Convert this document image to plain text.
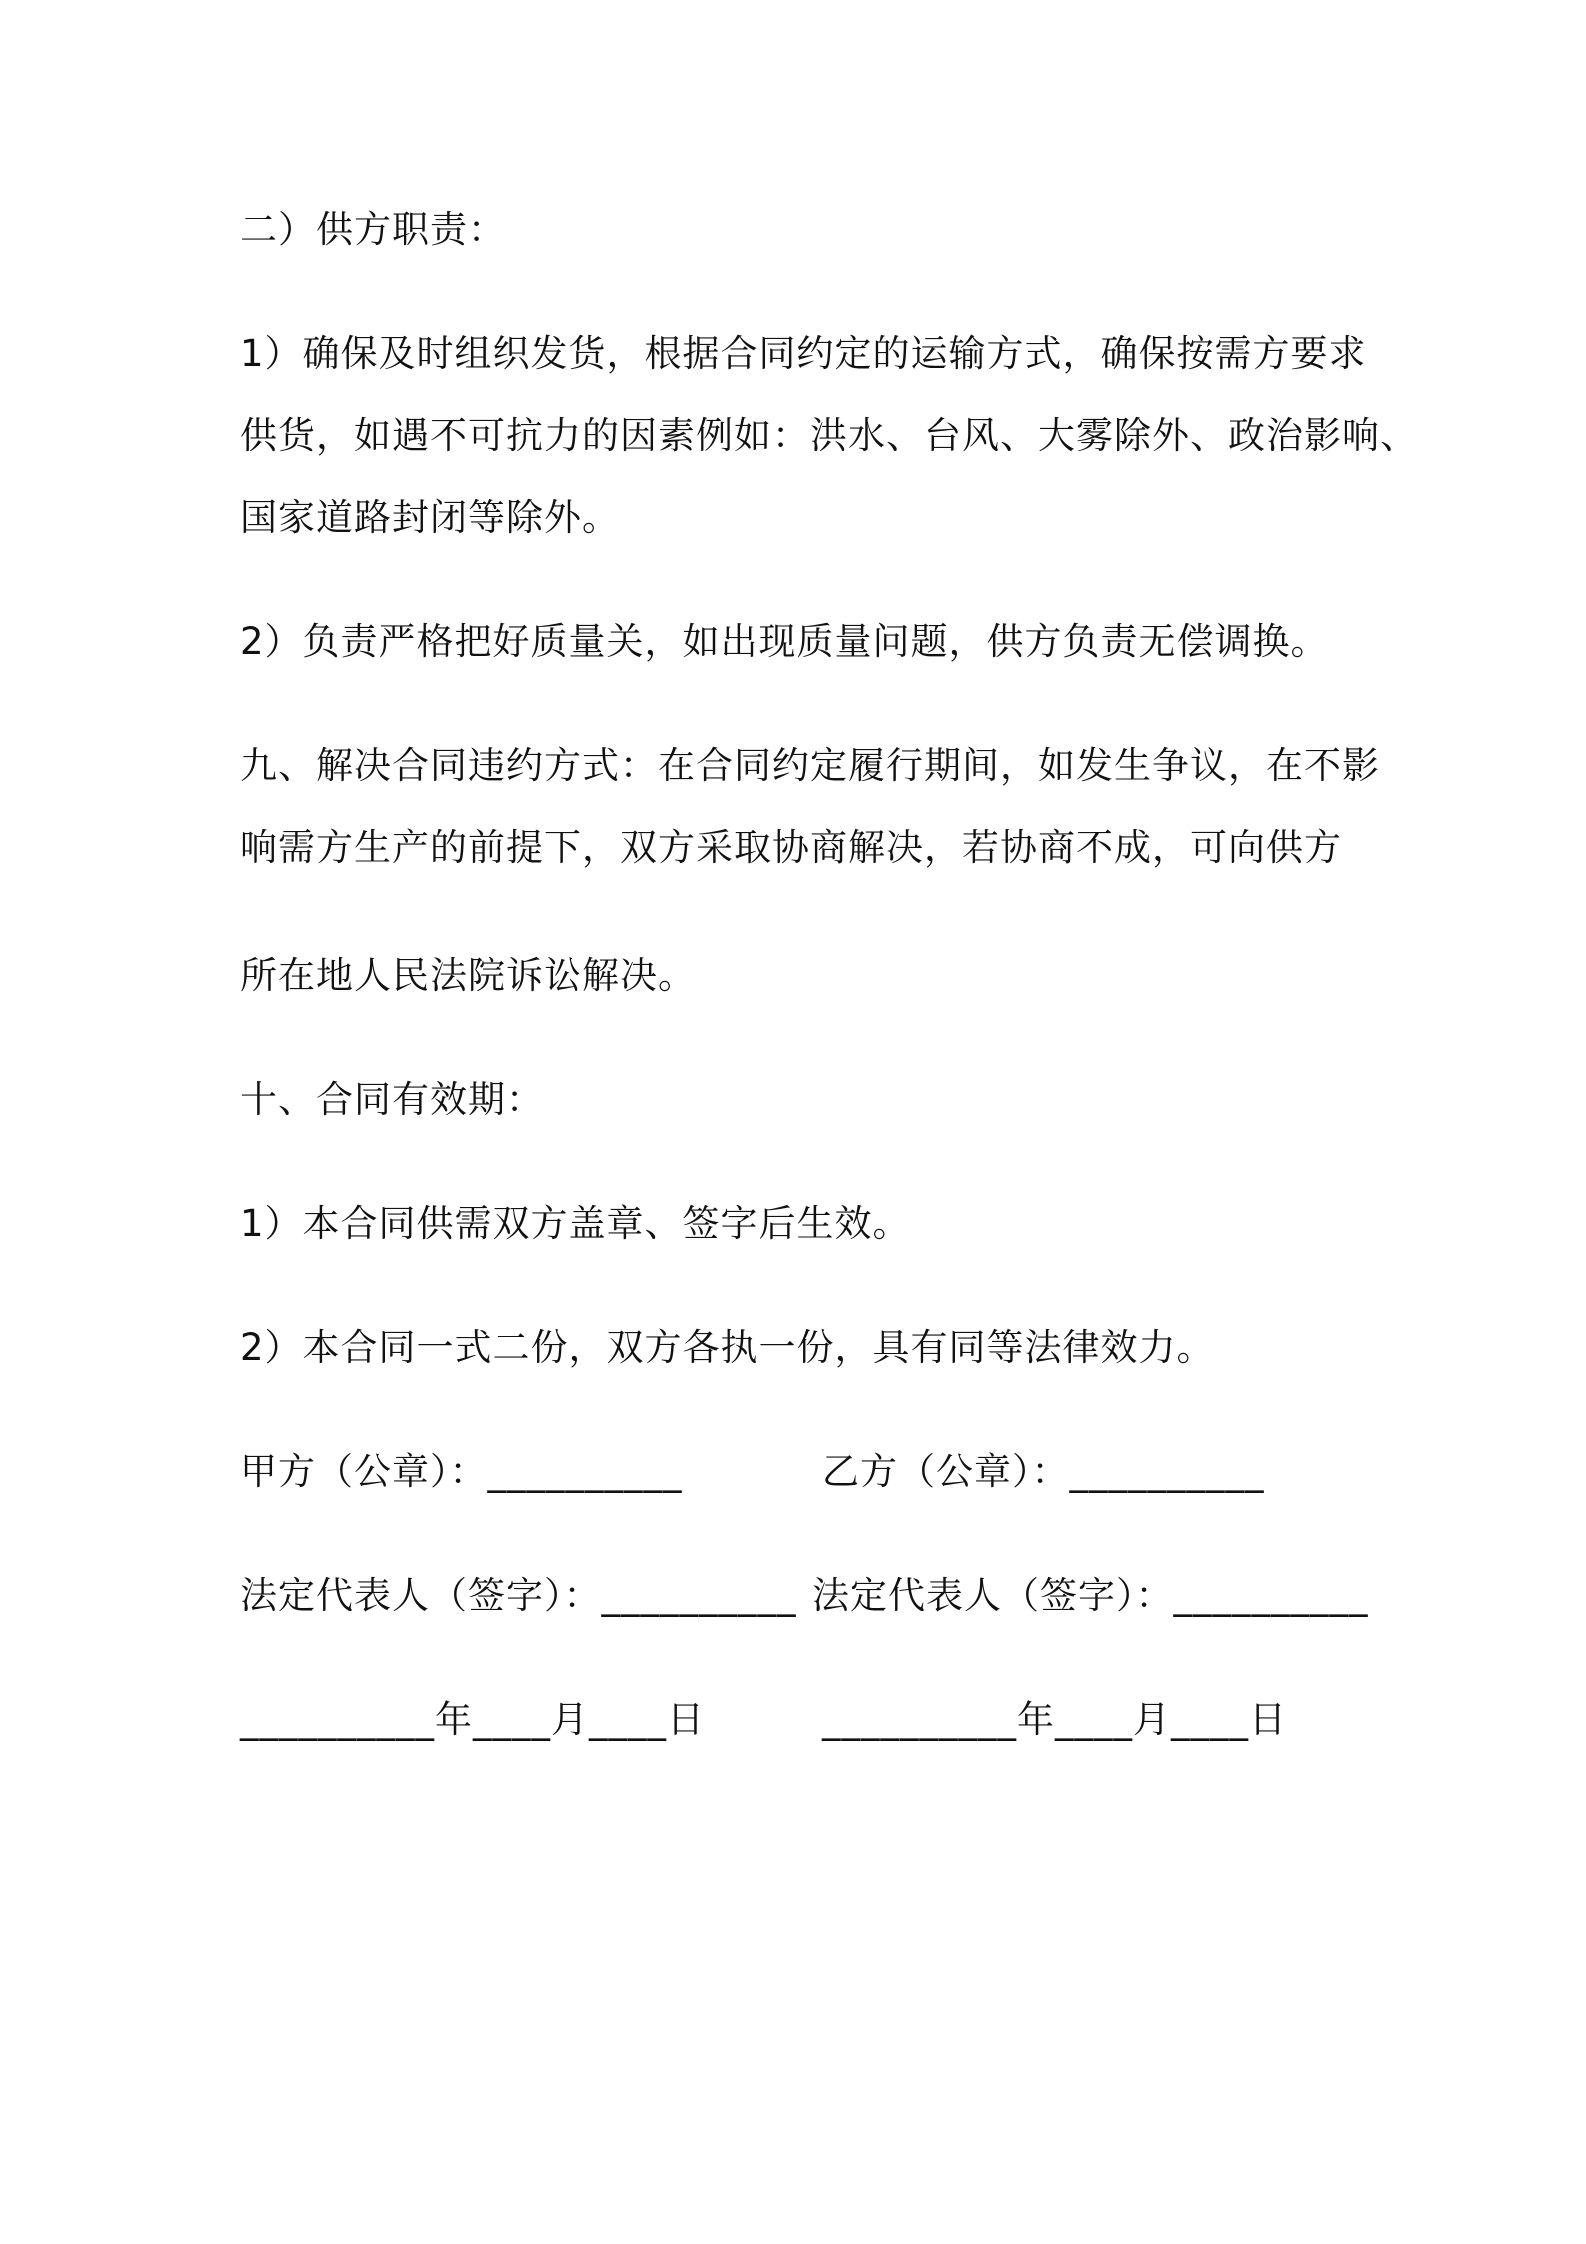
二）供方职责：
1）确保及时组织发货，根据合同约定的运输方式，确保按需方要求
供货，如遇不可抗力的因素例如：洪水、台风、大雾除外、政治影响、
国家道路封闭等除外。
2）负责严格把好质量关，如出现质量问题，供方负责无偿调换。
九、解决合同违约方式：在合同约定履行期间，如发生争议，在不影
响需方生产的前提下，双方采取协商解决，若协商不成，可向供方
所在地人民法院诉讼解决。
十、合同有效期：
1）本合同供需双方盖章、签字后生效。
2）本合同一式二份，双方各执一份，具有同等法律效力。
甲方（公章）：__________	乙方（公章）：__________
法定代表人（签字）：__________ 法定代表人（签字）：__________
__________年____月____日	__________年____月____日
